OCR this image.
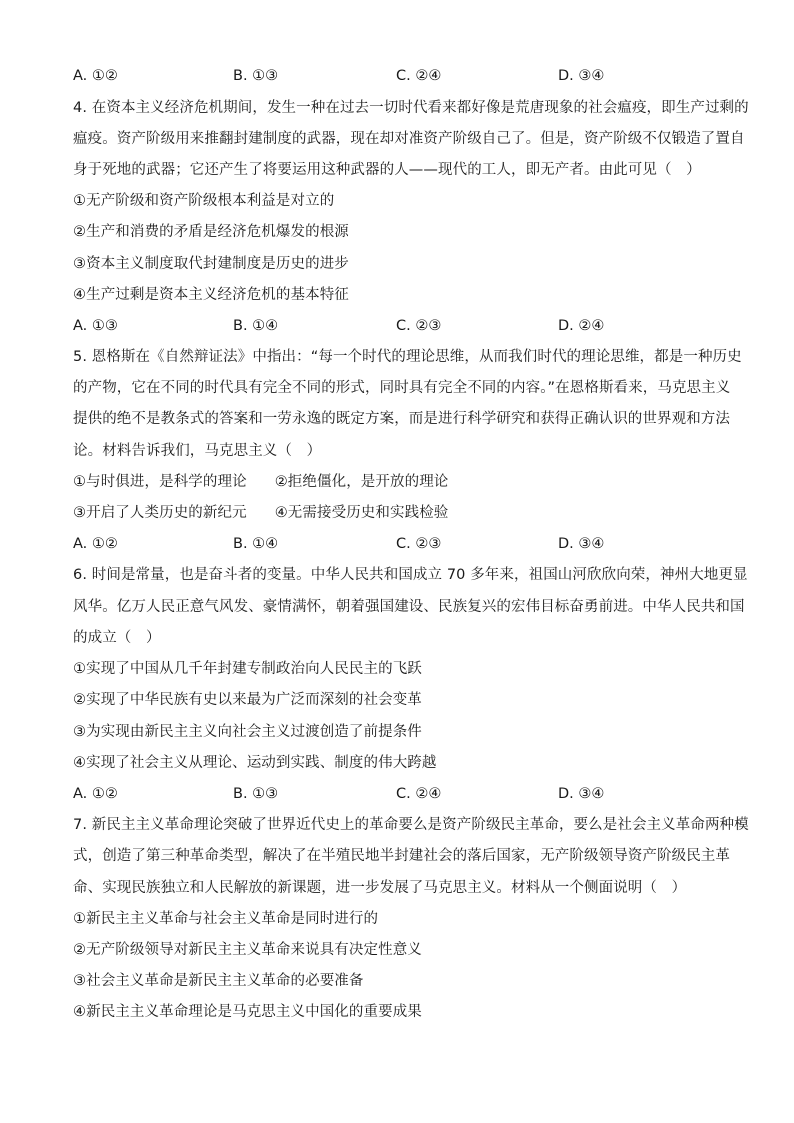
A. ①②	B. ①③	C. ②④	D. ③④
4. 在资本主义经济危机期间，发生一种在过去一切时代看来都好像是荒唐现象的社会瘟疫，即生产过剩的
瘟疫。资产阶级用来推翻封建制度的武器，现在却对准资产阶级自己了。但是，资产阶级不仅锻造了置自
身于死地的武器；它还产生了将要运用这种武器的人——现代的工人，即无产者。由此可见（　）
①无产阶级和资产阶级根本利益是对立的
②生产和消费的矛盾是经济危机爆发的根源
③资本主义制度取代封建制度是历史的进步
④生产过剩是资本主义经济危机的基本特征
A. ①③	B. ①④	C. ②③	D. ②④
5. 恩格斯在《自然辩证法》中指出：“每一个时代的理论思维，从而我们时代的理论思维，都是一种历史
的产物，它在不同的时代具有完全不同的形式，同时具有完全不同的内容。”在恩格斯看来，马克思主义
提供的绝不是教条式的答案和一劳永逸的既定方案，而是进行科学研究和获得正确认识的世界观和方法
论。材料告诉我们，马克思主义（　）
①与时俱进，是科学的理论 ②拒绝僵化，是开放的理论
③开启了人类历史的新纪元 ④无需接受历史和实践检验
A. ①②	B. ①④	C. ②③	D. ③④
6. 时间是常量，也是奋斗者的变量。中华人民共和国成立 70 多年来，祖国山河欣欣向荣，神州大地更显
风华。亿万人民正意气风发、豪情满怀，朝着强国建设、民族复兴的宏伟目标奋勇前进。中华人民共和国
的成立（　）
①实现了中国从几千年封建专制政治向人民民主的飞跃
②实现了中华民族有史以来最为广泛而深刻的社会变革
③为实现由新民主主义向社会主义过渡创造了前提条件
④实现了社会主义从理论、运动到实践、制度的伟大跨越
A. ①②	B. ①③	C. ②④	D. ③④
7. 新民主主义革命理论突破了世界近代史上的革命要么是资产阶级民主革命，要么是社会主义革命两种模
式，创造了第三种革命类型，解决了在半殖民地半封建社会的落后国家，无产阶级领导资产阶级民主革
命、实现民族独立和人民解放的新课题，进一步发展了马克思主义。材料从一个侧面说明（　）
①新民主主义革命与社会主义革命是同时进行的
②无产阶级领导对新民主主义革命来说具有决定性意义
③社会主义革命是新民主主义革命的必要准备
④新民主主义革命理论是马克思主义中国化的重要成果
